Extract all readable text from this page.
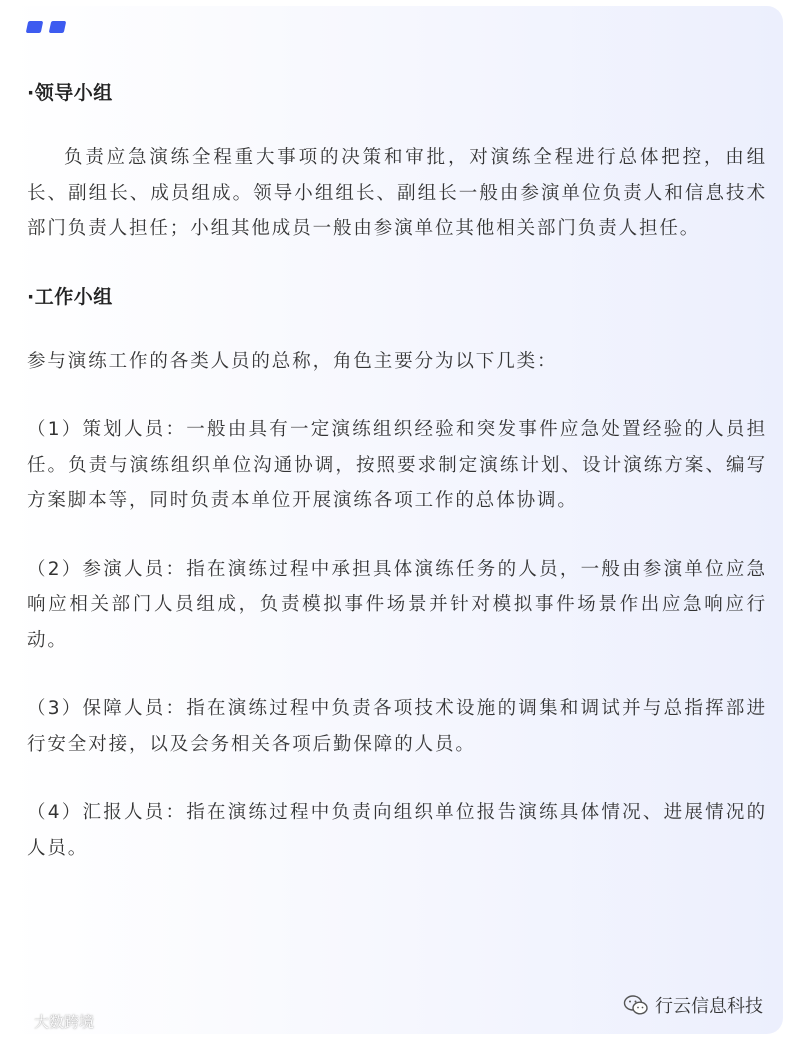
·领导小组

负责应急演练全程重大事项的决策和审批，对演练全程进行总体把控，由组长、副组长、成员组成。领导小组组长、副组长一般由参演单位负责人和信息技术部门负责人担任；小组其他成员一般由参演单位其他相关部门负责人担任。

·工作小组

参与演练工作的各类人员的总称，角色主要分为以下几类：

（1）策划人员：一般由具有一定演练组织经验和突发事件应急处置经验的人员担任。负责与演练组织单位沟通协调，按照要求制定演练计划、设计演练方案、编写方案脚本等，同时负责本单位开展演练各项工作的总体协调。

（2）参演人员：指在演练过程中承担具体演练任务的人员，一般由参演单位应急响应相关部门人员组成，负责模拟事件场景并针对模拟事件场景作出应急响应行动。

（3）保障人员：指在演练过程中负责各项技术设施的调集和调试并与总指挥部进行安全对接，以及会务相关各项后勤保障的人员。

（4）汇报人员：指在演练过程中负责向组织单位报告演练具体情况、进展情况的人员。

行云信息科技
大数跨境
